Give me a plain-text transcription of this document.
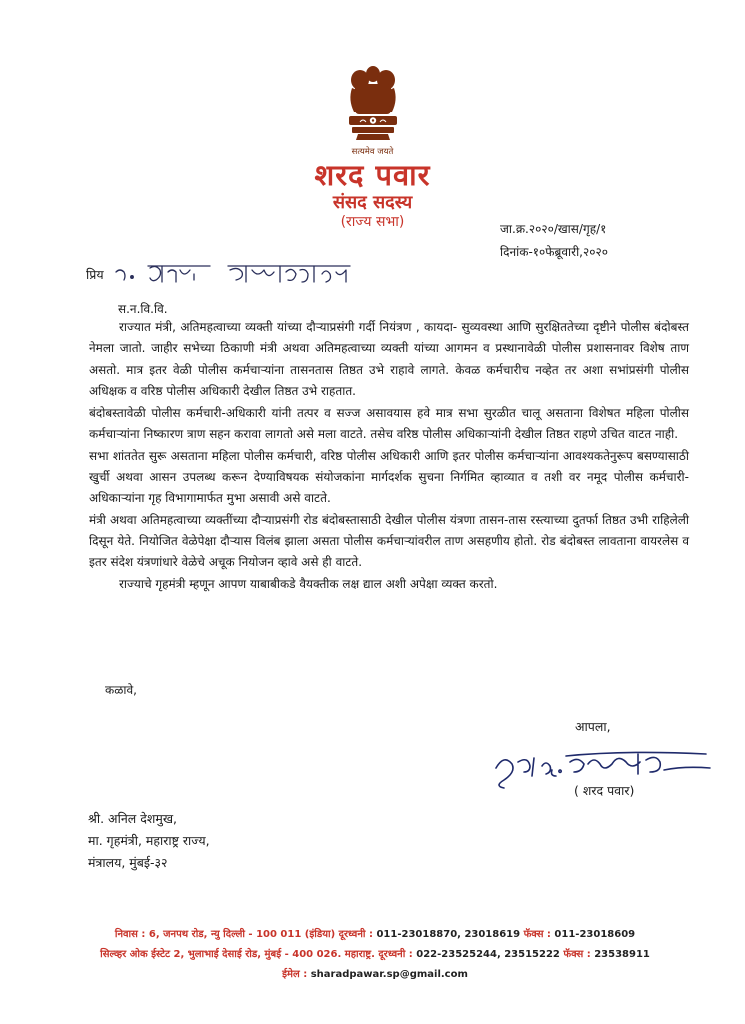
सत्यमेव जयते
शरद पवार
संसद सदस्य
(राज्य सभा)	जा.क्र.२०२०/खास/गृह/१
दिनांक-१०फेब्रूवारी,२०२०
प्रिय
स.न.वि.वि.

राज्यात मंत्री, अतिमहत्वाच्या व्यक्ती यांच्या दौऱ्याप्रसंगी गर्दी नियंत्रण , कायदा- सुव्यवस्था आणि सुरक्षिततेच्या दृष्टीने पोलीस बंदोबस्त नेमला जातो. जाहीर सभेच्या ठिकाणी मंत्री अथवा अतिमहत्वाच्या व्यक्ती यांच्या आगमन व प्रस्थानावेळी पोलीस प्रशासनावर विशेष ताण असतो. मात्र इतर वेळी पोलीस कर्मचाऱ्यांना तासनतास तिष्ठत उभे राहावे लागते. केवळ कर्मचारीच नव्हेत तर अशा सभांप्रसंगी पोलीस अधिक्षक व वरिष्ठ पोलीस अधिकारी देखील तिष्ठत उभे राहतात.

बंदोबस्तावेळी पोलीस कर्मचारी-अधिकारी यांनी तत्पर व सज्ज असावयास हवे मात्र सभा सुरळीत चालू असताना विशेषत महिला पोलीस कर्मचाऱ्यांना निष्कारण त्राण सहन करावा लागतो असे मला वाटते. तसेच वरिष्ठ पोलीस अधिकाऱ्यांनी देखील तिष्ठत राहणे उचित वाटत नाही.

सभा शांततेत सुरू असताना महिला पोलीस कर्मचारी, वरिष्ठ पोलीस अधिकारी आणि इतर पोलीस कर्मचाऱ्यांना आवश्यकतेनुरूप बसण्यासाठी खुर्ची अथवा आसन उपलब्ध करून देण्याविषयक संयोजकांना मार्गदर्शक सुचना निर्गमित व्हाव्यात व तशी वर नमूद पोलीस कर्मचारी-अधिकाऱ्यांना गृह विभागामार्फत मुभा असावी असे वाटते.

मंत्री अथवा अतिमहत्वाच्या व्यक्तींच्या दौऱ्याप्रसंगी रोड बंदोबस्तासाठी देखील पोलीस यंत्रणा तासन-तास रस्त्याच्या दुतर्फा तिष्ठत उभी राहिलेली दिसून येते. नियोजित वेळेपेक्षा दौऱ्यास विलंब झाला असता पोलीस कर्मचाऱ्यांवरील ताण असहणीय होतो. रोड बंदोबस्त लावताना वायरलेस व इतर संदेश यंत्रणांधारे वेळेचे अचूक नियोजन व्हावे असे ही वाटते.

राज्याचे गृहमंत्री म्हणून आपण याबाबीकडे वैयक्तीक लक्ष द्याल अशी अपेक्षा व्यक्त करतो.

कळावे,
आपला,
( शरद पवार)
श्री. अनिल देशमुख,
मा. गृहमंत्री, महाराष्ट्र राज्य,
मंत्रालय, मुंबई-३२
निवास : 6, जनपथ रोड, न्यु दिल्ली - 100 011 (इंडिया) दूरध्वनी : 011-23018870, 23018619 फॅक्स : 011-23018609
सिल्व्हर ओक ईस्टेट 2, भुलाभाई देसाई रोड, मुंबई - 400 026. महाराष्ट्र. दूरध्वनी : 022-23525244, 23515222 फॅक्स : 23538911
ईमेल : sharadpawar.sp@gmail.com
